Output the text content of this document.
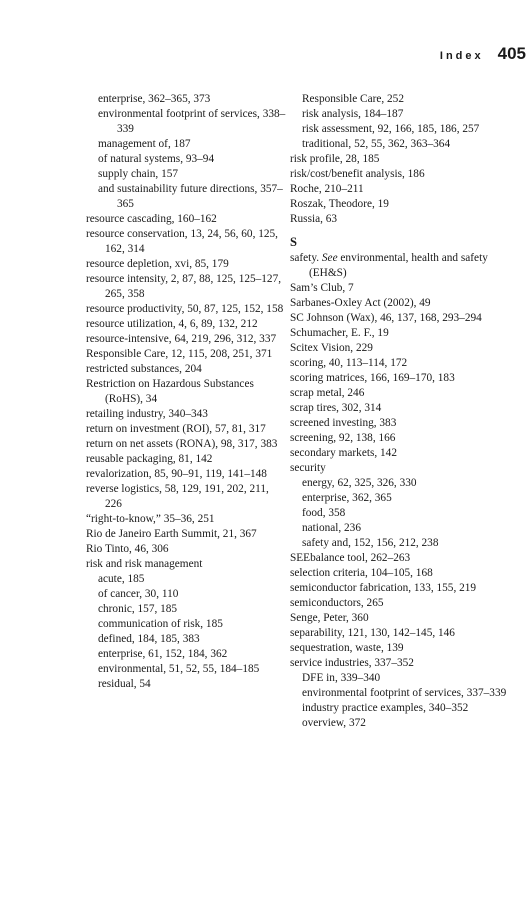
Index 405
enterprise, 362–365, 373
environmental footprint of services, 338–339
management of, 187
of natural systems, 93–94
supply chain, 157
and sustainability future directions, 357–365
resource cascading, 160–162
resource conservation, 13, 24, 56, 60, 125, 162, 314
resource depletion, xvi, 85, 179
resource intensity, 2, 87, 88, 125, 125–127, 265, 358
resource productivity, 50, 87, 125, 152, 158
resource utilization, 4, 6, 89, 132, 212
resource-intensive, 64, 219, 296, 312, 337
Responsible Care, 12, 115, 208, 251, 371
restricted substances, 204
Restriction on Hazardous Substances (RoHS), 34
retailing industry, 340–343
return on investment (ROI), 57, 81, 317
return on net assets (RONA), 98, 317, 383
reusable packaging, 81, 142
revalorization, 85, 90–91, 119, 141–148
reverse logistics, 58, 129, 191, 202, 211, 226
“right-to-know,” 35–36, 251
Rio de Janeiro Earth Summit, 21, 367
Rio Tinto, 46, 306
risk and risk management
acute, 185
of cancer, 30, 110
chronic, 157, 185
communication of risk, 185
defined, 184, 185, 383
enterprise, 61, 152, 184, 362
environmental, 51, 52, 55, 184–185
residual, 54
Responsible Care, 252
risk analysis, 184–187
risk assessment, 92, 166, 185, 186, 257
traditional, 52, 55, 362, 363–364
risk profile, 28, 185
risk/cost/benefit analysis, 186
Roche, 210–211
Roszak, Theodore, 19
Russia, 63
S
safety. See environmental, health and safety (EH&S)
Sam’s Club, 7
Sarbanes-Oxley Act (2002), 49
SC Johnson (Wax), 46, 137, 168, 293–294
Schumacher, E. F., 19
Scitex Vision, 229
scoring, 40, 113–114, 172
scoring matrices, 166, 169–170, 183
scrap metal, 246
scrap tires, 302, 314
screened investing, 383
screening, 92, 138, 166
secondary markets, 142
security
energy, 62, 325, 326, 330
enterprise, 362, 365
food, 358
national, 236
safety and, 152, 156, 212, 238
SEEbalance tool, 262–263
selection criteria, 104–105, 168
semiconductor fabrication, 133, 155, 219
semiconductors, 265
Senge, Peter, 360
separability, 121, 130, 142–145, 146
sequestration, waste, 139
service industries, 337–352
DFE in, 339–340
environmental footprint of services, 337–339
industry practice examples, 340–352
overview, 372
